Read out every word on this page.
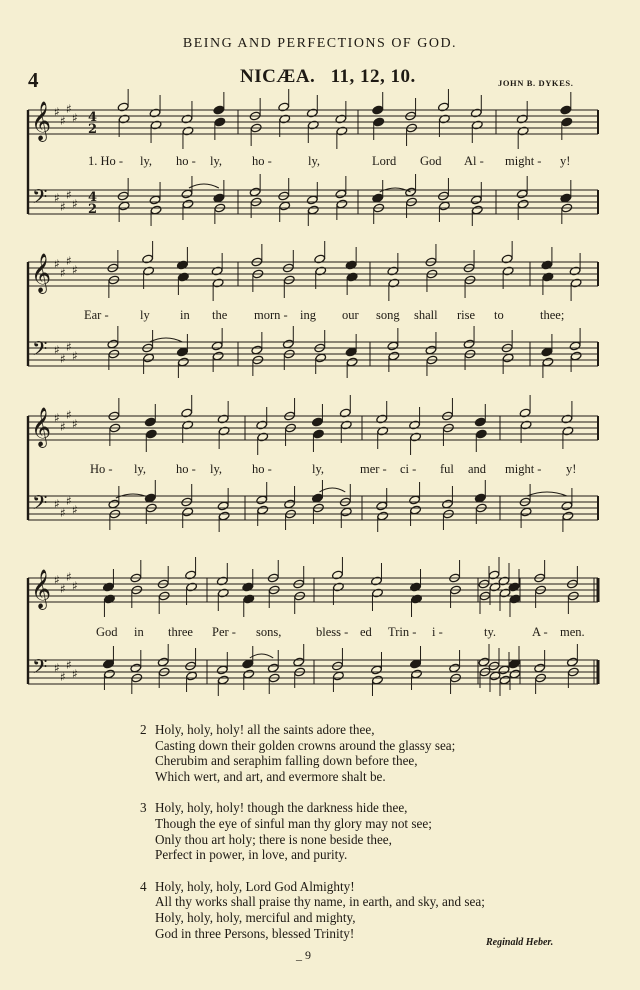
𝄞
𝄢
♯
♯
♯
♯
♯
♯
♯
♯
4
2
4
2
𝄞
𝄢
♯
♯
♯
♯
♯
♯
♯
♯
𝄞
𝄢
♯
♯
♯
♯
♯
♯
♯
♯
𝄞
𝄢
♯
♯
♯
♯
♯
♯
♯
♯
BEING AND PERFECTIONS OF GOD.
4	NICÆA. 11, 12, 10.	JOHN B. DYKES.
1. Ho - ly, ho - ly, ho -	ly,	Lord God Al - might - y!
Ear -	ly in the morn - ing our song shall rise to	thee;
Ho - ly, ho - ly, ho -	ly,	mer - ci - ful and might - y!
God in three Per - sons,	bless - ed Trin - i -	ty.	A - men.
2 Holy, holy, holy! all the saints adore thee,
Casting down their golden crowns around the glassy sea;
Cherubim and seraphim falling down before thee,
Which wert, and art, and evermore shalt be.
3 Holy, holy, holy! though the darkness hide thee,
Though the eye of sinful man thy glory may not see;
Only thou art holy; there is none beside thee,
Perfect in power, in love, and purity.
4 Holy, holy, holy, Lord God Almighty!
All thy works shall praise thy name, in earth, and sky, and sea;
Holy, holy, holy, merciful and mighty,
God in three Persons, blessed Trinity!
Reginald Heber.
_ 9
